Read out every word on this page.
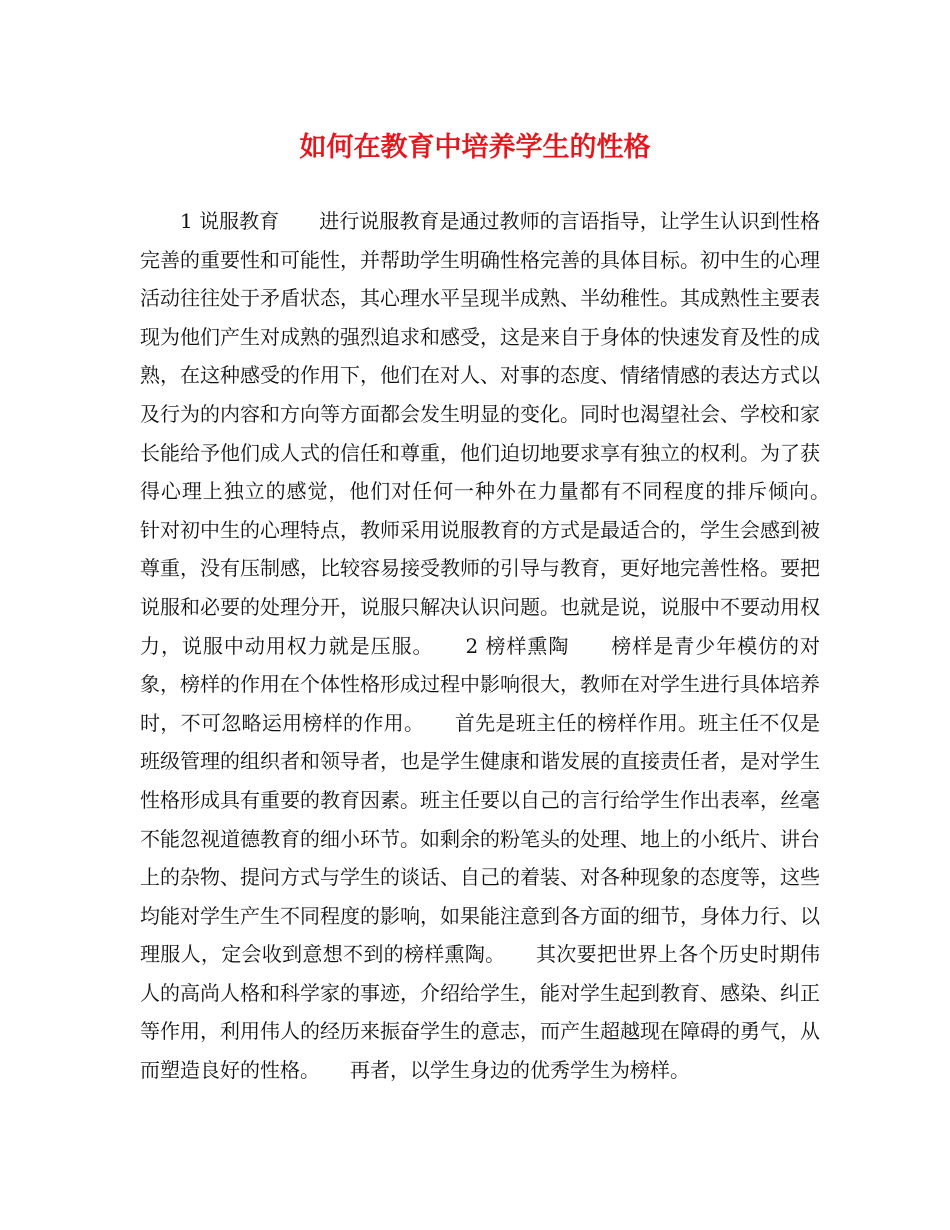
如何在教育中培养学生的性格

1 说服教育　　进行说服教育是通过教师的言语指导，让学生认识到性格完善的重要性和可能性，并帮助学生明确性格完善的具体目标。初中生的心理活动往往处于矛盾状态，其心理水平呈现半成熟、半幼稚性。其成熟性主要表现为他们产生对成熟的强烈追求和感受，这是来自于身体的快速发育及性的成熟，在这种感受的作用下，他们在对人、对事的态度、情绪情感的表达方式以及行为的内容和方向等方面都会发生明显的变化。同时也渴望社会、学校和家长能给予他们成人式的信任和尊重，他们迫切地要求享有独立的权利。为了获得心理上独立的感觉，他们对任何一种外在力量都有不同程度的排斥倾向。　　针对初中生的心理特点，教师采用说服教育的方式是最适合的，学生会感到被尊重，没有压制感，比较容易接受教师的引导与教育，更好地完善性格。要把说服和必要的处理分开，说服只解决认识问题。也就是说，说服中不要动用权力，说服中动用权力就是压服。　　2 榜样熏陶　　榜样是青少年模仿的对象，榜样的作用在个体性格形成过程中影响很大，教师在对学生进行具体培养时，不可忽略运用榜样的作用。　　首先是班主任的榜样作用。班主任不仅是班级管理的组织者和领导者，也是学生健康和谐发展的直接责任者，是对学生性格形成具有重要的教育因素。班主任要以自己的言行给学生作出表率，丝毫不能忽视道德教育的细小环节。如剩余的粉笔头的处理、地上的小纸片、讲台上的杂物、提问方式与学生的谈话、自己的着装、对各种现象的态度等，这些均能对学生产生不同程度的影响，如果能注意到各方面的细节，身体力行、以理服人，定会收到意想不到的榜样熏陶。　　其次要把世界上各个历史时期伟人的高尚人格和科学家的事迹，介绍给学生，能对学生起到教育、感染、纠正等作用，利用伟人的经历来振奋学生的意志，而产生超越现在障碍的勇气，从而塑造良好的性格。　　再者，以学生身边的优秀学生为榜样。
